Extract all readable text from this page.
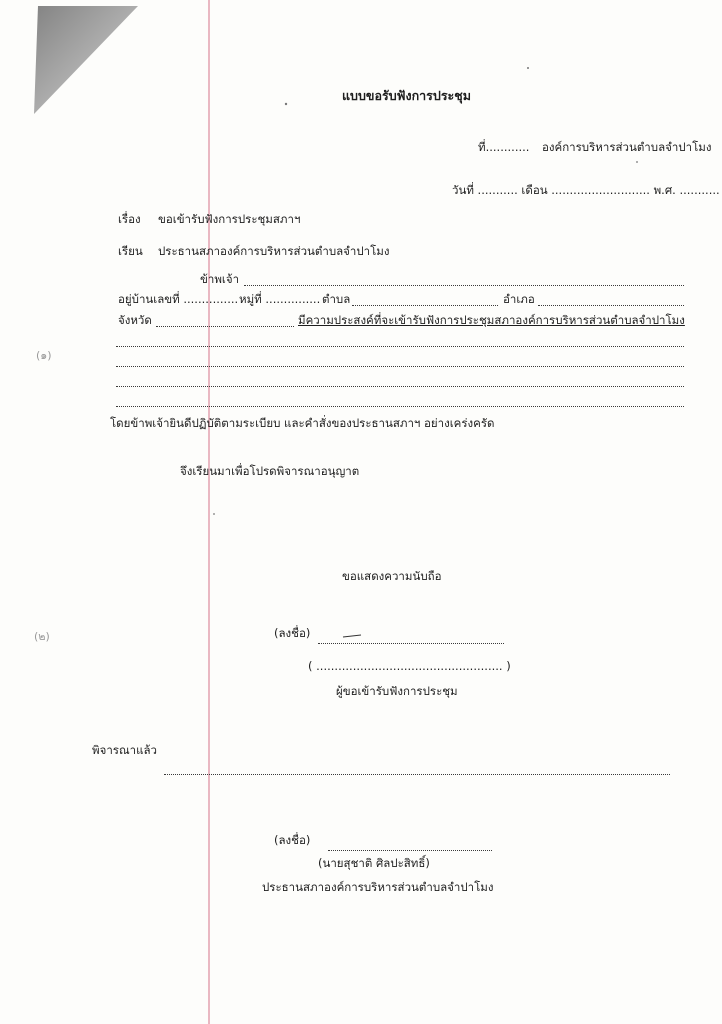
แบบขอรับฟังการประชุม
ที่............ องค์การบริหารส่วนตำบลจำปาโมง
วันที่ ........... เดือน ........................... พ.ศ. ...........
เรื่อง ขอเข้ารับฟังการประชุมสภาฯ
เรียน ประธานสภาองค์การบริหารส่วนตำบลจำปาโมง
ข้าพเจ้า
อยู่บ้านเลขที่ ............... หมู่ที่ ............... ตำบล	อำเภอ
จังหวัด	มีความประสงค์ที่จะเข้ารับฟังการประชุมสภาองค์การบริหารส่วนตำบลจำปาโมง
โดยข้าพเจ้ายินดีปฏิบัติตามระเบียบ และคำสั่งของประธานสภาฯ อย่างเคร่งครัด
จึงเรียนมาเพื่อโปรดพิจารณาอนุญาต
ขอแสดงความนับถือ
(ลงชื่อ)
( ................................................... )
ผู้ขอเข้ารับฟังการประชุม
พิจารณาแล้ว
(ลงชื่อ)
(นายสุชาติ ศิลปะสิทธิ์)
ประธานสภาองค์การบริหารส่วนตำบลจำปาโมง
(๑)
(๒)
